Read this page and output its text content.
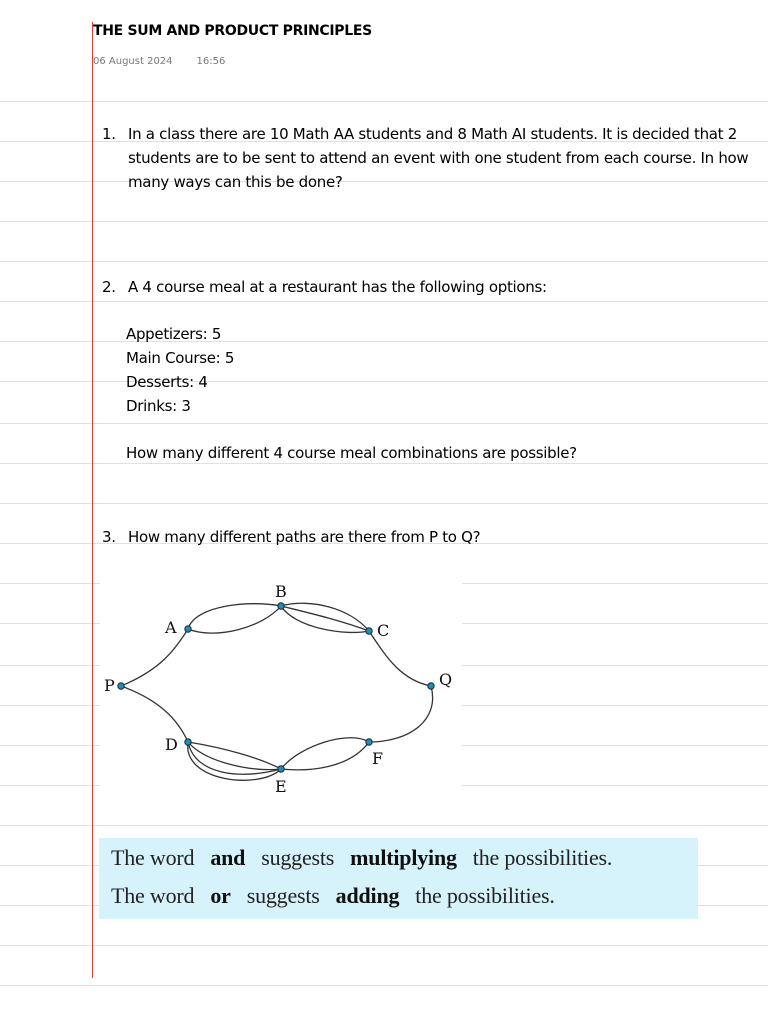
THE SUM AND PRODUCT PRINCIPLES
06 August 2024 16:56
1. In a class there are 10 Math AA students and 8 Math AI students. It is decided that 2 students are to be sent to attend an event with one student from each course. In how many ways can this be done?
2. A 4 course meal at a restaurant has the following options:
Appetizers: 5
Main Course: 5
Desserts: 4
Drinks: 3
How many different 4 course meal combinations are possible?
3. How many different paths are there from P to Q?
P
A
B
C
Q
D
E
F
The word and suggests multiplying the possibilities.
The word or suggests adding the possibilities.
